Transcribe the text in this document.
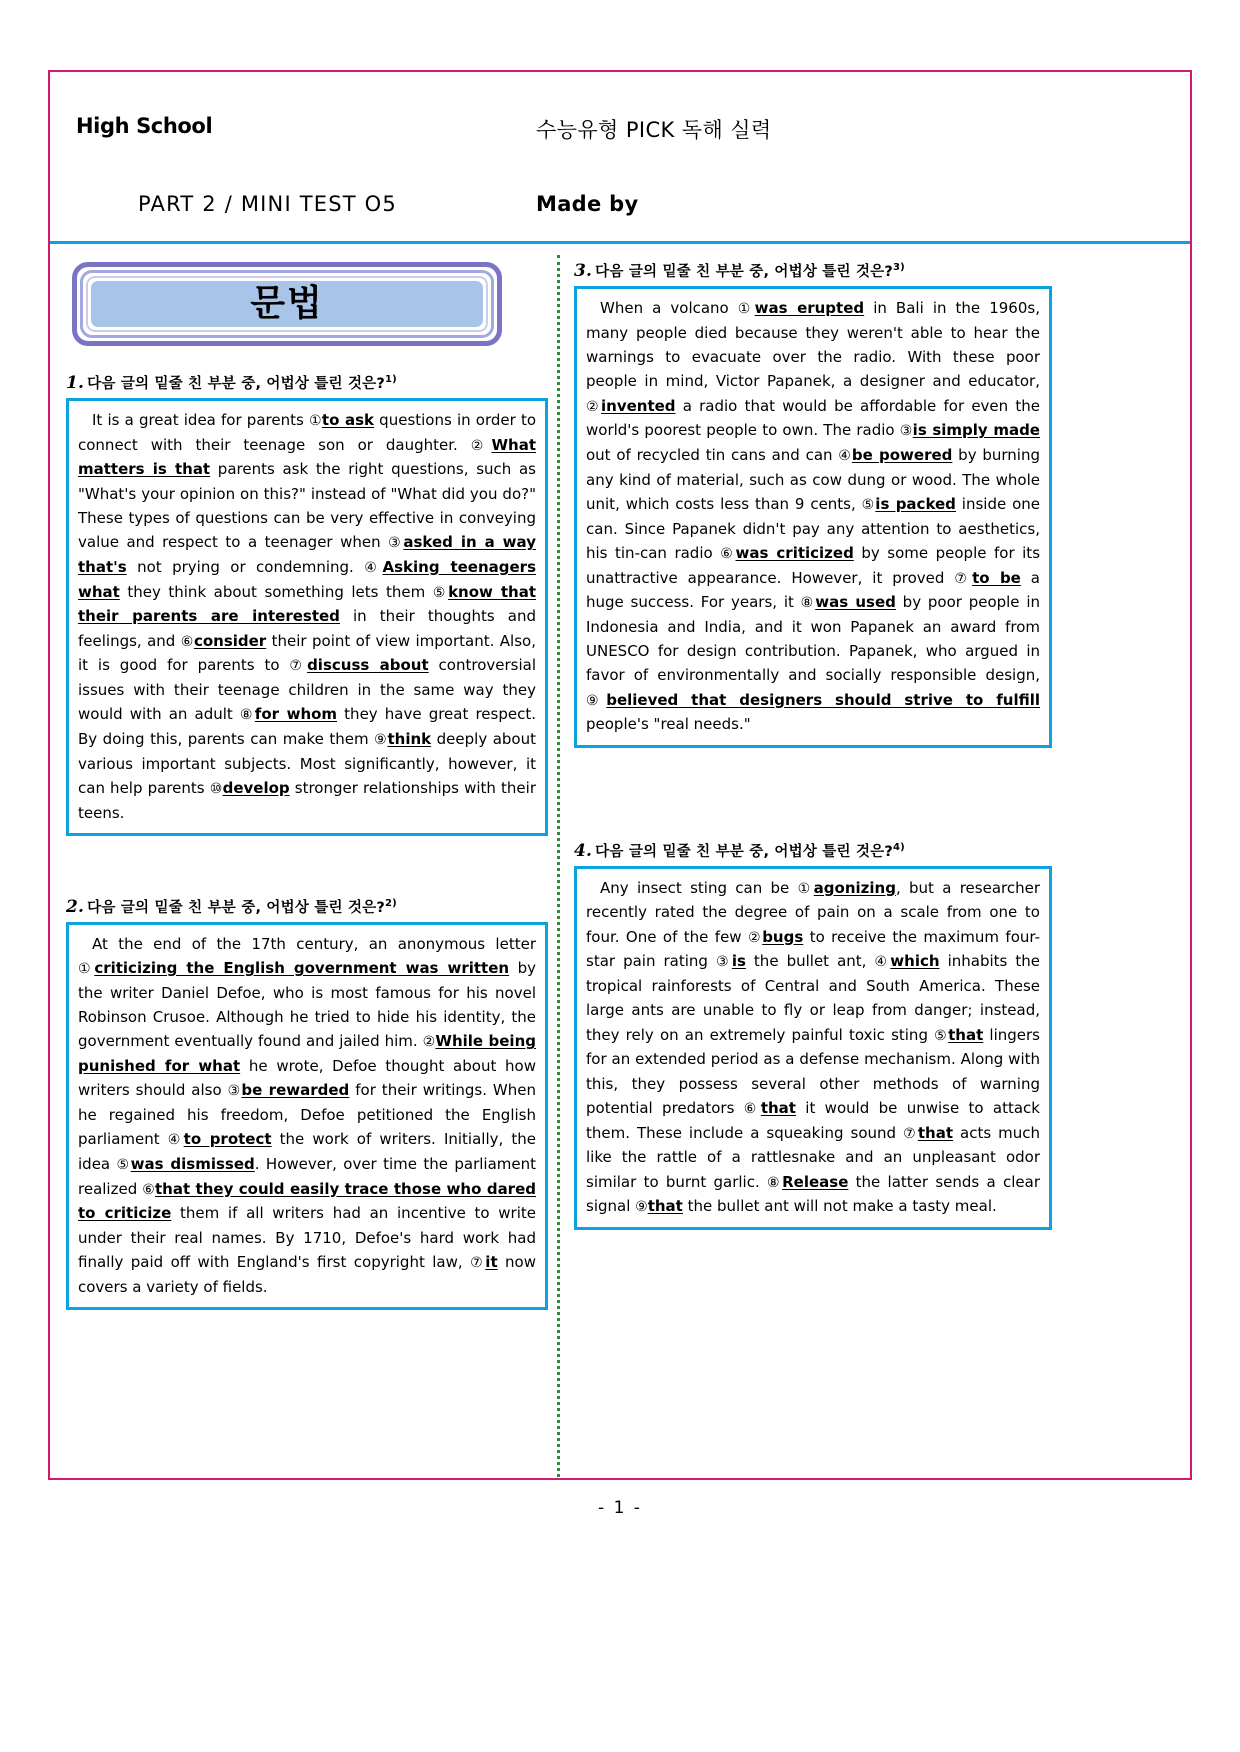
High School	수능유형 PICK 독해 실력
PART 2 / MINI TEST O5	Made by
문법
1. 다음 글의 밑줄 친 부분 중, 어법상 틀린 것은?$^{1)}$
It is a great idea for parents ①to ask questions in order to connect with their teenage son or daughter. ②What matters is that parents ask the right questions, such as "What's your opinion on this?" instead of "What did you do?" These types of questions can be very effective in conveying value and respect to a teenager when ③asked in a way that's not prying or condemning. ④Asking teenagers what they think about something lets them ⑤know that their parents are interested in their thoughts and feelings, and ⑥consider their point of view important. Also, it is good for parents to ⑦discuss about controversial issues with their teenage children in the same way they would with an adult ⑧for whom they have great respect. By doing this, parents can make them ⑨think deeply about various important subjects. Most significantly, however, it can help parents ⑩develop stronger relationships with their teens.
2. 다음 글의 밑줄 친 부분 중, 어법상 틀린 것은?$^{2)}$
At the end of the 17th century, an anonymous letter ①criticizing the English government was written by the writer Daniel Defoe, who is most famous for his novel Robinson Crusoe. Although he tried to hide his identity, the government eventually found and jailed him. ②While being punished for what he wrote, Defoe thought about how writers should also ③be rewarded for their writings. When he regained his freedom, Defoe petitioned the English parliament ④to protect the work of writers. Initially, the idea ⑤was dismissed. However, over time the parliament realized ⑥that they could easily trace those who dared to criticize them if all writers had an incentive to write under their real names. By 1710, Defoe's hard work had finally paid off with England's first copyright law, ⑦it now covers a variety of fields.
3. 다음 글의 밑줄 친 부분 중, 어법상 틀린 것은?$^{3)}$
When a volcano ①was erupted in Bali in the 1960s, many people died because they weren't able to hear the warnings to evacuate over the radio. With these poor people in mind, Victor Papanek, a designer and educator, ②invented a radio that would be affordable for even the world's poorest people to own. The radio ③is simply made out of recycled tin cans and can ④be powered by burning any kind of material, such as cow dung or wood. The whole unit, which costs less than 9 cents, ⑤is packed inside one can. Since Papanek didn't pay any attention to aesthetics, his tin-can radio ⑥was criticized by some people for its unattractive appearance. However, it proved ⑦to be a huge success. For years, it ⑧was used by poor people in Indonesia and India, and it won Papanek an award from UNESCO for design contribution. Papanek, who argued in favor of environmentally and socially responsible design, ⑨believed that designers should strive to fulfill people's "real needs."
4. 다음 글의 밑줄 친 부분 중, 어법상 틀린 것은?$^{4)}$
Any insect sting can be ①agonizing, but a researcher recently rated the degree of pain on a scale from one to four. One of the few ②bugs to receive the maximum four-star pain rating ③is the bullet ant, ④which inhabits the tropical rainforests of Central and South America. These large ants are unable to fly or leap from danger; instead, they rely on an extremely painful toxic sting ⑤that lingers for an extended period as a defense mechanism. Along with this, they possess several other methods of warning potential predators ⑥that it would be unwise to attack them. These include a squeaking sound ⑦that acts much like the rattle of a rattlesnake and an unpleasant odor similar to burnt garlic. ⑧Release the latter sends a clear signal ⑨that the bullet ant will not make a tasty meal.
- 1 -
